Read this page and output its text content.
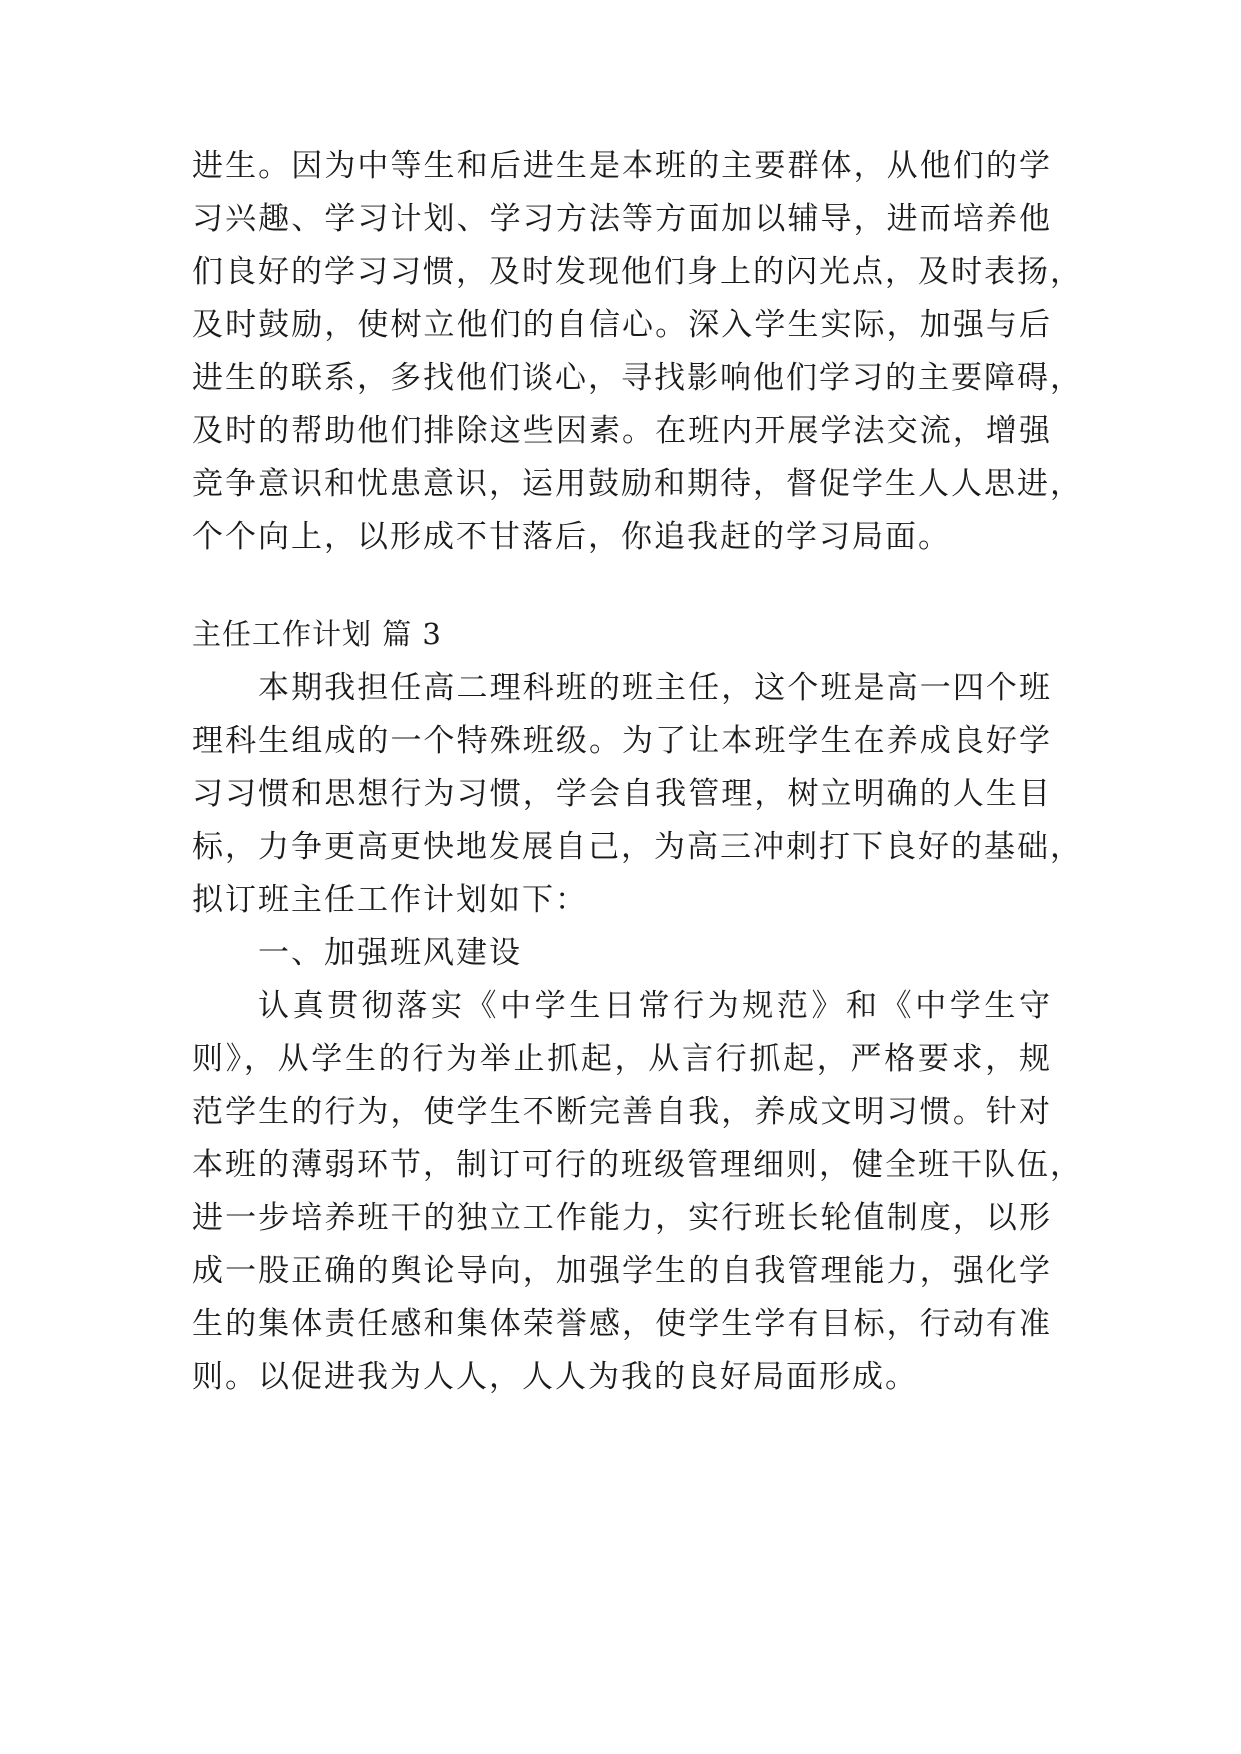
进生。因为中等生和后进生是本班的主要群体，从他们的学
习兴趣、学习计划、学习方法等方面加以辅导，进而培养他
们良好的学习习惯，及时发现他们身上的闪光点，及时表扬，
及时鼓励，使树立他们的自信心。深入学生实际，加强与后
进生的联系，多找他们谈心，寻找影响他们学习的主要障碍，
及时的帮助他们排除这些因素。在班内开展学法交流，增强
竞争意识和忧患意识，运用鼓励和期待，督促学生人人思进，
个个向上，以形成不甘落后，你追我赶的学习局面。
主任工作计划 篇 3
本期我担任高二理科班的班主任，这个班是高一四个班
理科生组成的一个特殊班级。为了让本班学生在养成良好学
习习惯和思想行为习惯，学会自我管理，树立明确的人生目
标，力争更高更快地发展自己，为高三冲刺打下良好的基础，
拟订班主任工作计划如下：
一、加强班风建设
认真贯彻落实《中学生日常行为规范》和《中学生守
则》，从学生的行为举止抓起，从言行抓起，严格要求，规
范学生的行为，使学生不断完善自我，养成文明习惯。针对
本班的薄弱环节，制订可行的班级管理细则，健全班干队伍，
进一步培养班干的独立工作能力，实行班长轮值制度，以形
成一股正确的舆论导向，加强学生的自我管理能力，强化学
生的集体责任感和集体荣誉感，使学生学有目标，行动有准
则。以促进我为人人，人人为我的良好局面形成。
